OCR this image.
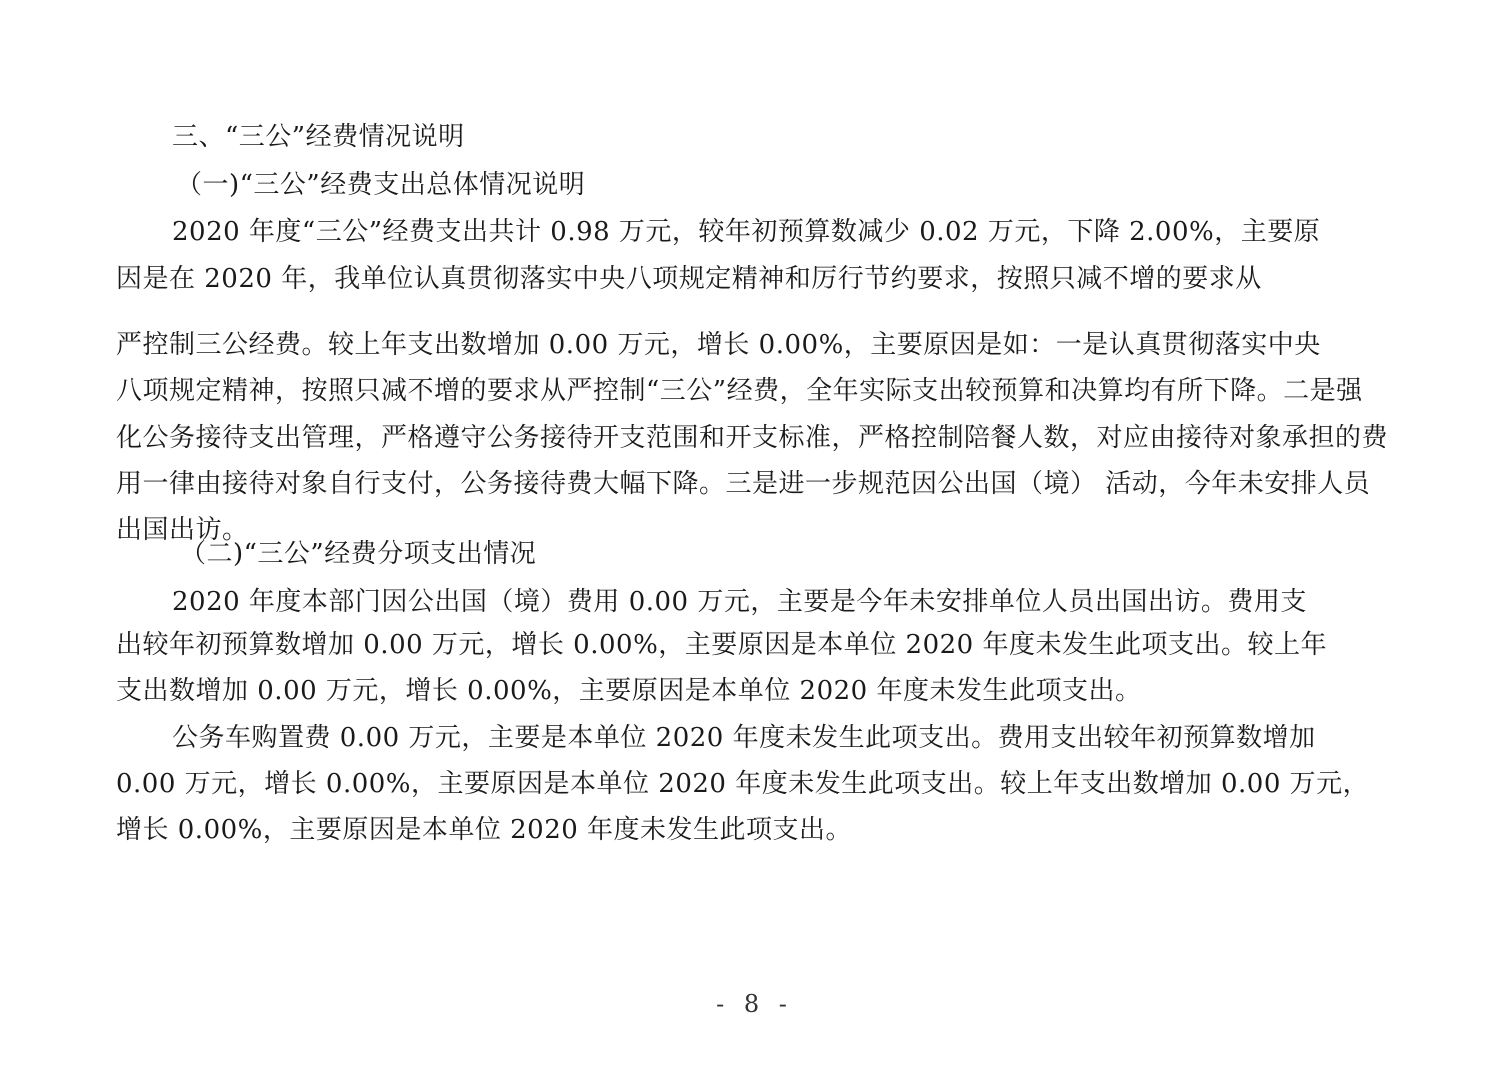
三、“三公”经费情况说明
（一)“三公”经费支出总体情况说明
2020 年度“三公”经费支出共计 0.98 万元，较年初预算数减少 0.02 万元，下降 2.00%，主要原
因是在 2020 年，我单位认真贯彻落实中央八项规定精神和厉行节约要求，按照只减不增的要求从
严控制三公经费。较上年支出数增加 0.00 万元，增长 0.00%，主要原因是如：一是认真贯彻落实中央
八项规定精神，按照只减不增的要求从严控制“三公”经费，全年实际支出较预算和决算均有所下降。二是强
化公务接待支出管理，严格遵守公务接待开支范围和开支标准，严格控制陪餐人数，对应由接待对象承担的费
用一律由接待对象自行支付，公务接待费大幅下降。三是进一步规范因公出国（境） 活动，今年未安排人员
出国出访。
（二)“三公”经费分项支出情况
2020 年度本部门因公出国（境）费用 0.00 万元，主要是今年未安排单位人员出国出访。费用支
出较年初预算数增加 0.00 万元，增长 0.00%，主要原因是本单位 2020 年度未发生此项支出。较上年
支出数增加 0.00 万元，增长 0.00%，主要原因是本单位 2020 年度未发生此项支出。
公务车购置费 0.00 万元，主要是本单位 2020 年度未发生此项支出。费用支出较年初预算数增加
0.00 万元，增长 0.00%，主要原因是本单位 2020 年度未发生此项支出。较上年支出数增加 0.00 万元，
增长 0.00%，主要原因是本单位 2020 年度未发生此项支出。
- 8 -
